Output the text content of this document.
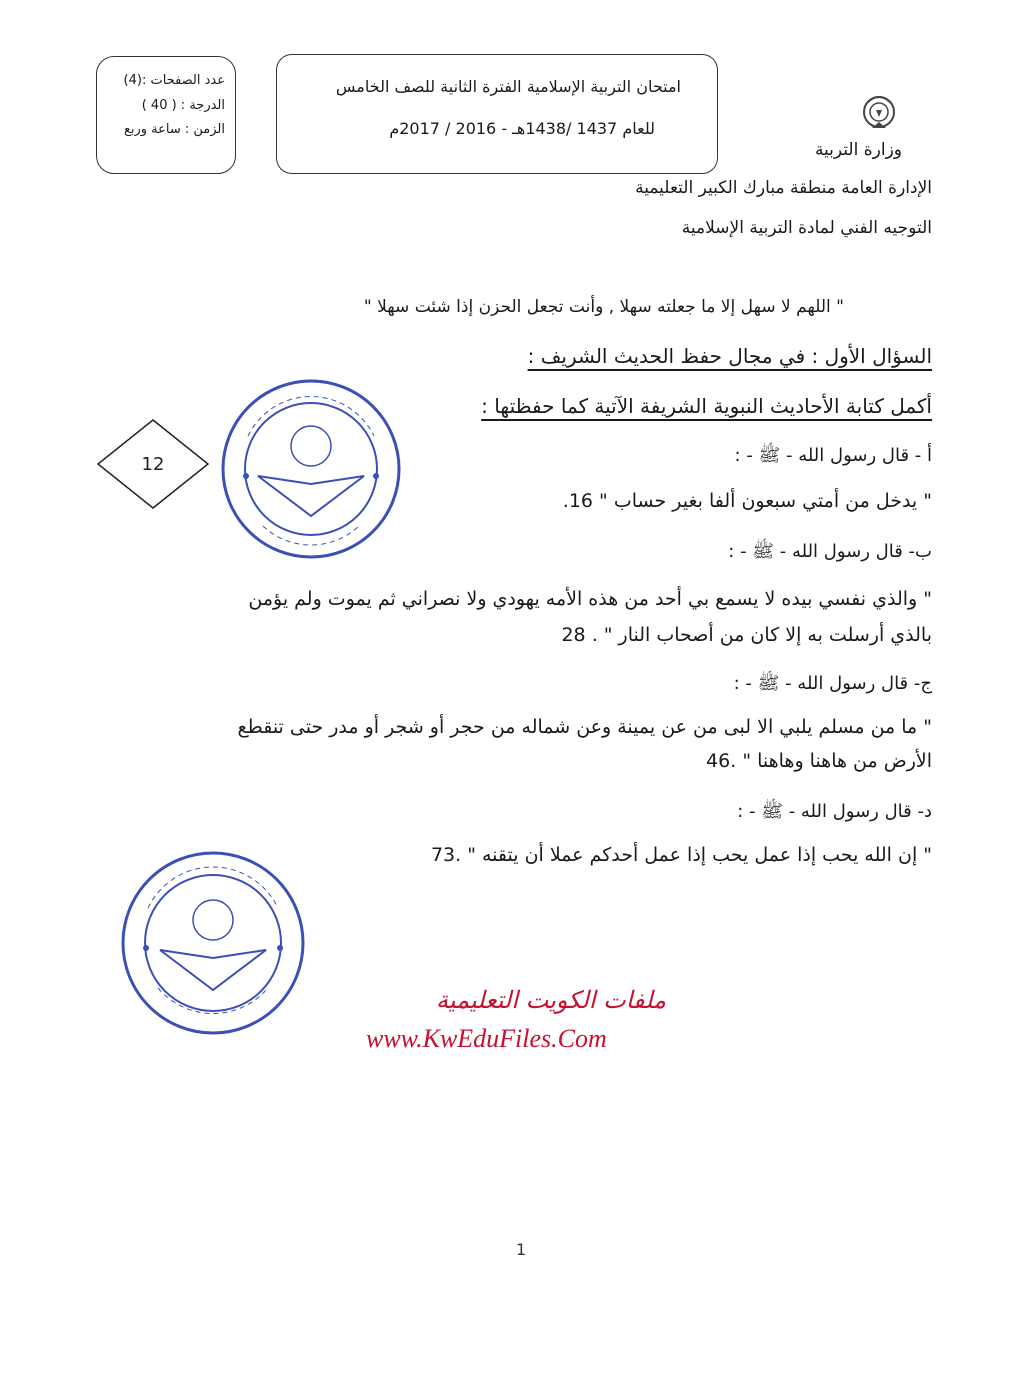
عدد الصفحات :(4)
الدرجة : ( 40 )
الزمن : ساعة وربع
امتحان التربية الإسلامية الفترة الثانية للصف الخامس
للعام 1437 /1438هـ - 2016 / 2017م
وزارة التربية
الإدارة العامة منطقة مبارك الكبير التعليمية
التوجيه الفني لمادة التربية الإسلامية
" اللهم لا سهل إلا ما جعلته سهلا , وأنت تجعل الحزن إذا شئت سهلا "
السؤال الأول : في مجال حفظ الحديث الشريف :
أكمل كتابة الأحاديث النبوية الشريفة الآتية كما حفظتها :
12	أ - قال رسول الله - ﷺ - :
" يدخل من أمتي سبعون ألفا بغير حساب " 16.
ب- قال رسول الله - ﷺ - :
" والذي نفسي بيده لا يسمع بي أحد من هذه الأمه يهودي ولا نصراني ثم يموت ولم يؤمن
بالذي أرسلت به إلا كان من أصحاب النار " . 28
ج- قال رسول الله - ﷺ - :
" ما من مسلم يلبي الا لبى من عن يمينة وعن شماله من حجر أو شجر أو مدر حتى تنقطع
الأرض من هاهنا وهاهنا " .46
د- قال رسول الله - ﷺ - :
" إن الله يحب إذا عمل يحب إذا عمل أحدكم عملا أن يتقنه " .73
ملفات الكويت التعليمية
www.KwEduFiles.Com
1
